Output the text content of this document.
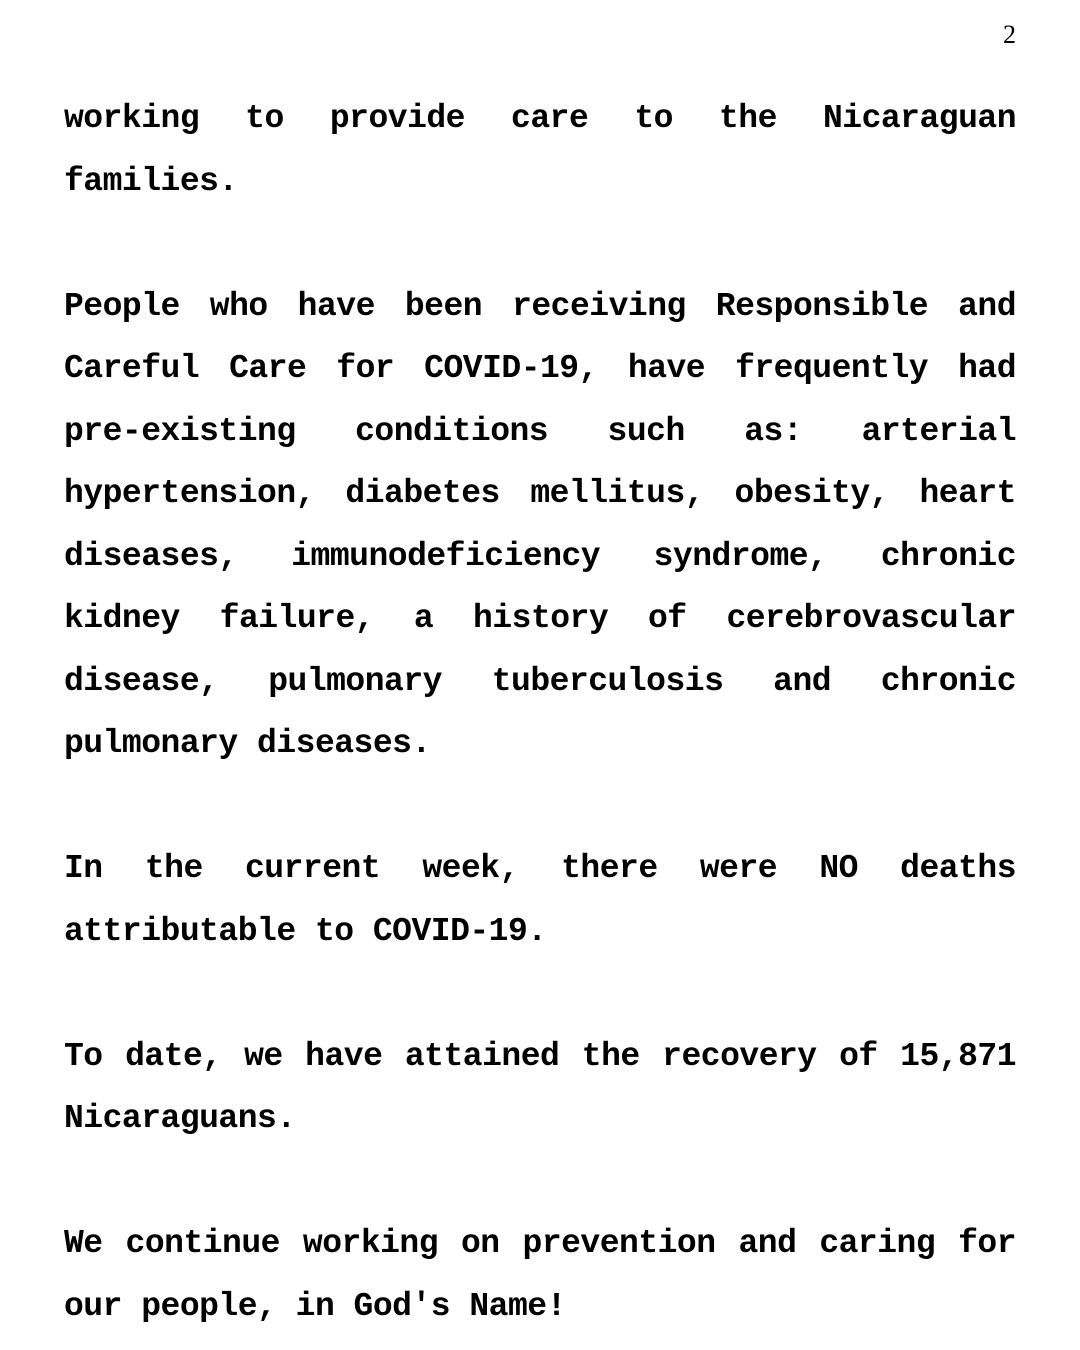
2

working to provide care to the Nicaraguan families.

People who have been receiving Responsible and Careful Care for COVID-19, have frequently had pre-existing conditions such as: arterial hypertension, diabetes mellitus, obesity, heart diseases, immunodeficiency syndrome, chronic kidney failure, a history of cerebrovascular disease, pulmonary tuberculosis and chronic pulmonary diseases.

In the current week, there were NO deaths attributable to COVID-19.

To date, we have attained the recovery of 15,871 Nicaraguans.

We continue working on prevention and caring for our people, in God's Name!
